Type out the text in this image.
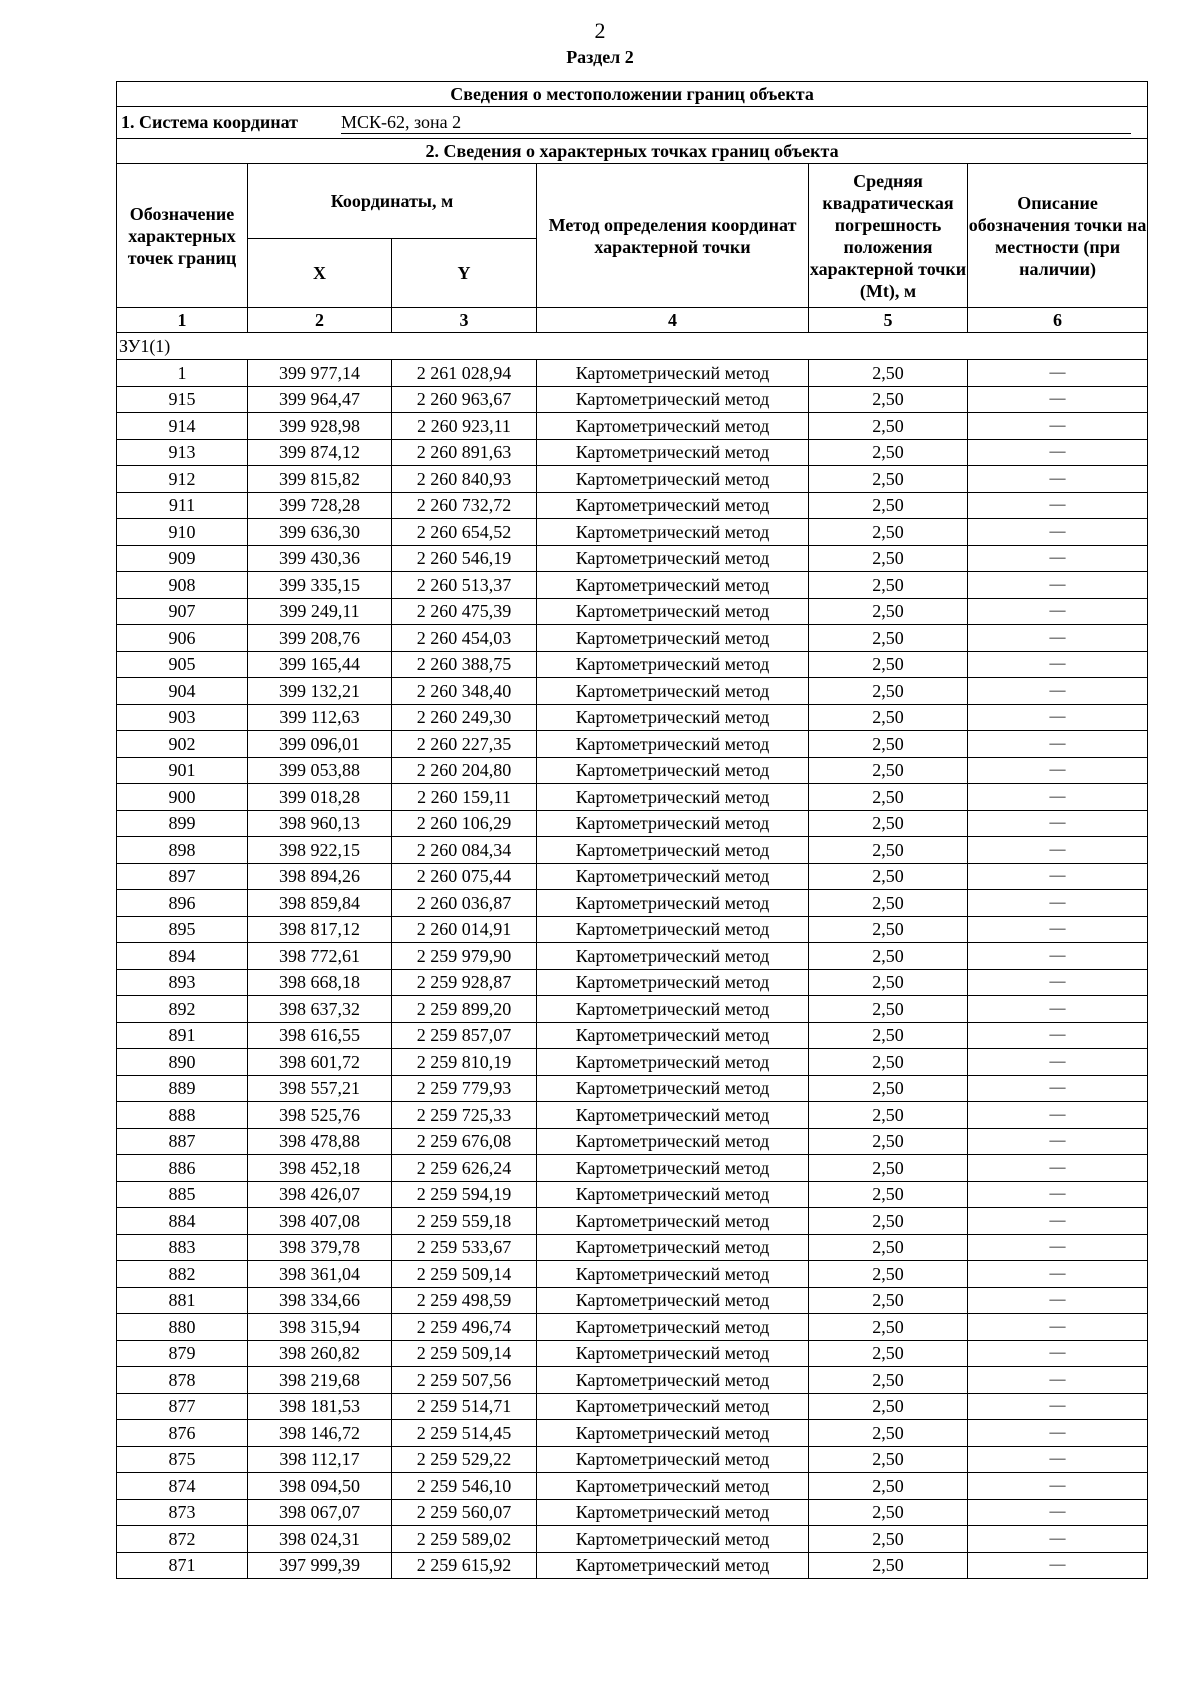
2
Раздел 2
Сведения о местоположении границ объекта					
1. Система координат МСК-62, зона 2					
2. Сведения о характерных точках границ объекта					
Обозначение характерных точек границ	Координаты, м		Метод определения координат характерной точки	Средняя квадратическая погрешность положения характерной точки (Mt), м	Описание обозначения точки на местности (при наличии)
	X	Y			
1	2	3	4	5	6
ЗУ1(1)					
1	399 977,14	2 261 028,94	Картометрический метод	2,50	—
915	399 964,47	2 260 963,67	Картометрический метод	2,50	—
914	399 928,98	2 260 923,11	Картометрический метод	2,50	—
913	399 874,12	2 260 891,63	Картометрический метод	2,50	—
912	399 815,82	2 260 840,93	Картометрический метод	2,50	—
911	399 728,28	2 260 732,72	Картометрический метод	2,50	—
910	399 636,30	2 260 654,52	Картометрический метод	2,50	—
909	399 430,36	2 260 546,19	Картометрический метод	2,50	—
908	399 335,15	2 260 513,37	Картометрический метод	2,50	—
907	399 249,11	2 260 475,39	Картометрический метод	2,50	—
906	399 208,76	2 260 454,03	Картометрический метод	2,50	—
905	399 165,44	2 260 388,75	Картометрический метод	2,50	—
904	399 132,21	2 260 348,40	Картометрический метод	2,50	—
903	399 112,63	2 260 249,30	Картометрический метод	2,50	—
902	399 096,01	2 260 227,35	Картометрический метод	2,50	—
901	399 053,88	2 260 204,80	Картометрический метод	2,50	—
900	399 018,28	2 260 159,11	Картометрический метод	2,50	—
899	398 960,13	2 260 106,29	Картометрический метод	2,50	—
898	398 922,15	2 260 084,34	Картометрический метод	2,50	—
897	398 894,26	2 260 075,44	Картометрический метод	2,50	—
896	398 859,84	2 260 036,87	Картометрический метод	2,50	—
895	398 817,12	2 260 014,91	Картометрический метод	2,50	—
894	398 772,61	2 259 979,90	Картометрический метод	2,50	—
893	398 668,18	2 259 928,87	Картометрический метод	2,50	—
892	398 637,32	2 259 899,20	Картометрический метод	2,50	—
891	398 616,55	2 259 857,07	Картометрический метод	2,50	—
890	398 601,72	2 259 810,19	Картометрический метод	2,50	—
889	398 557,21	2 259 779,93	Картометрический метод	2,50	—
888	398 525,76	2 259 725,33	Картометрический метод	2,50	—
887	398 478,88	2 259 676,08	Картометрический метод	2,50	—
886	398 452,18	2 259 626,24	Картометрический метод	2,50	—
885	398 426,07	2 259 594,19	Картометрический метод	2,50	—
884	398 407,08	2 259 559,18	Картометрический метод	2,50	—
883	398 379,78	2 259 533,67	Картометрический метод	2,50	—
882	398 361,04	2 259 509,14	Картометрический метод	2,50	—
881	398 334,66	2 259 498,59	Картометрический метод	2,50	—
880	398 315,94	2 259 496,74	Картометрический метод	2,50	—
879	398 260,82	2 259 509,14	Картометрический метод	2,50	—
878	398 219,68	2 259 507,56	Картометрический метод	2,50	—
877	398 181,53	2 259 514,71	Картометрический метод	2,50	—
876	398 146,72	2 259 514,45	Картометрический метод	2,50	—
875	398 112,17	2 259 529,22	Картометрический метод	2,50	—
874	398 094,50	2 259 546,10	Картометрический метод	2,50	—
873	398 067,07	2 259 560,07	Картометрический метод	2,50	—
872	398 024,31	2 259 589,02	Картометрический метод	2,50	—
871	397 999,39	2 259 615,92	Картометрический метод	2,50	—
